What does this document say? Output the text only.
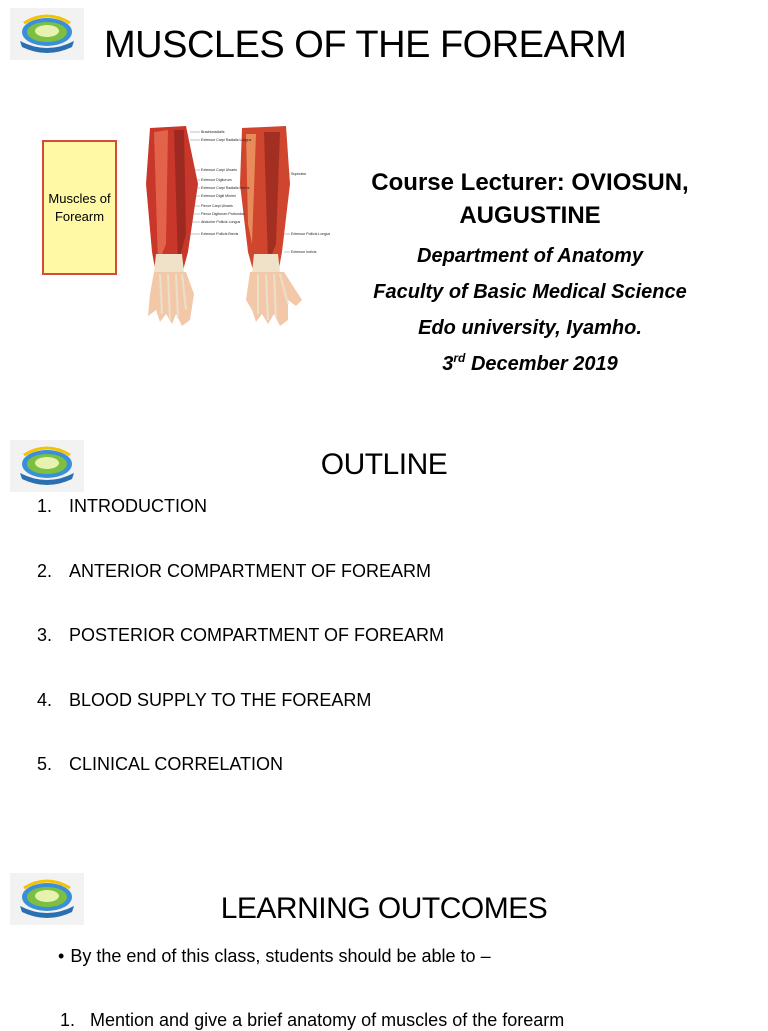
MUSCLES OF THE FOREARM
Muscles of Forearm
Brachioradialis
Extensor Carpi Radialis Longus
Extensor Carpi Ulnaris
Extensor Digitorum
Extensor Carpi Radialis Brevis
Extensor Digiti Minimi
Flexor Carpi Ulnaris
Flexor Digitorum Profundus
Abductor Pollicis Longus
Extensor Pollicis Brevis
Supinator
Extensor Pollicis Longus
Extensor Indicis
Course Lecturer: OVIOSUN, AUGUSTINE
Department of Anatomy
Faculty of Basic Medical Science
Edo university, Iyamho.
3rd December 2019
OUTLINE
1. INTRODUCTION
2. ANTERIOR COMPARTMENT OF FOREARM
3. POSTERIOR COMPARTMENT OF FOREARM
4. BLOOD SUPPLY TO THE FOREARM
5. CLINICAL CORRELATION
LEARNING OUTCOMES
• By the end of this class, students should be able to –
1. Mention and give a brief anatomy of muscles of the forearm
